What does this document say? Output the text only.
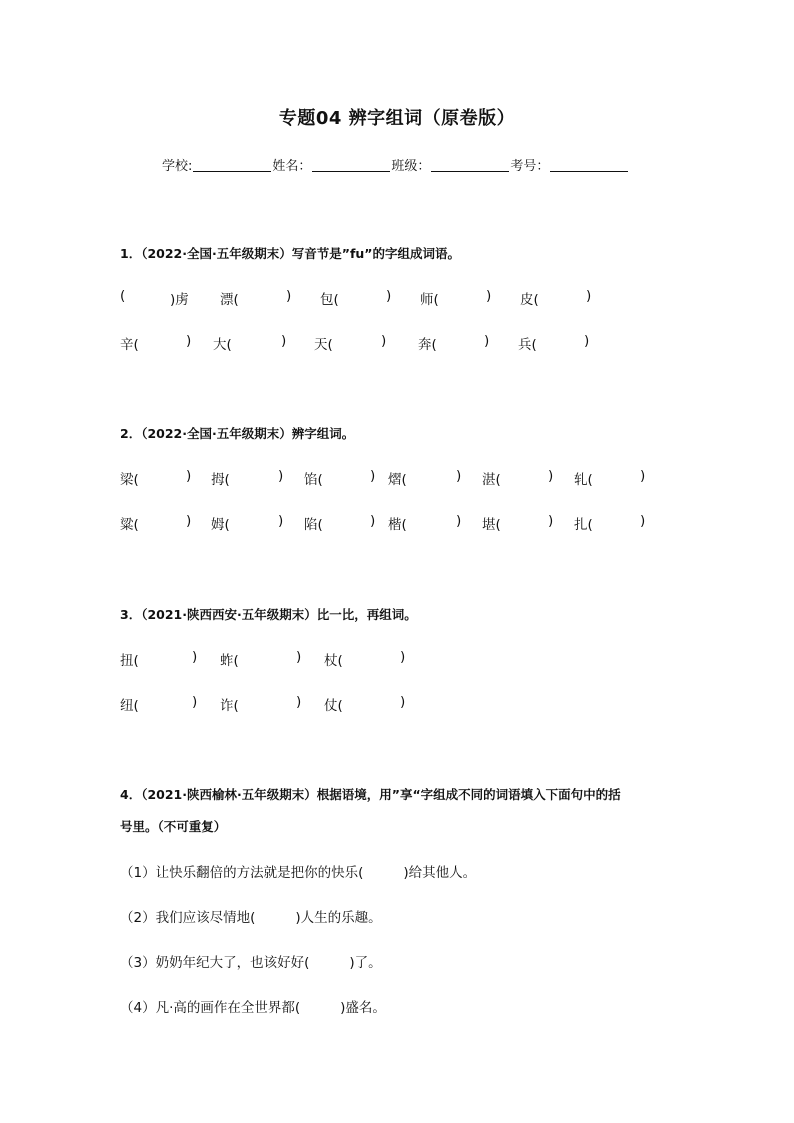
专题04 辨字组词（原卷版）
学校:	姓名：	班级：	考号：
1．（2022·全国·五年级期末）写音节是”fu”的字组成词语。
(	)虏 漂(	) 包(	) 师(	) 皮(	)
辛(	) 大(	) 天(	) 奔(	) 兵(	)
2．（2022·全国·五年级期末）辨字组词。
梁(	) 拇(	) 馅(	) 熠(	) 湛(	) 轧(	)
粱(	) 姆(	) 陷(	) 楷(	) 堪(	) 扎(	)
3．（2021·陕西西安·五年级期末）比一比，再组词。
扭(	) 蚱(	) 杖(	)
纽(	) 诈(	) 仗(	)
4．（2021·陕西榆林·五年级期末）根据语境，用”享“字组成不同的词语填入下面句中的括
号里。（不可重复）
（1）让快乐翻倍的方法就是把你的快乐(	)给其他人。
（2）我们应该尽情地(	)人生的乐趣。
（3）奶奶年纪大了，也该好好(	)了。
（4）凡·高的画作在全世界都(	)盛名。
